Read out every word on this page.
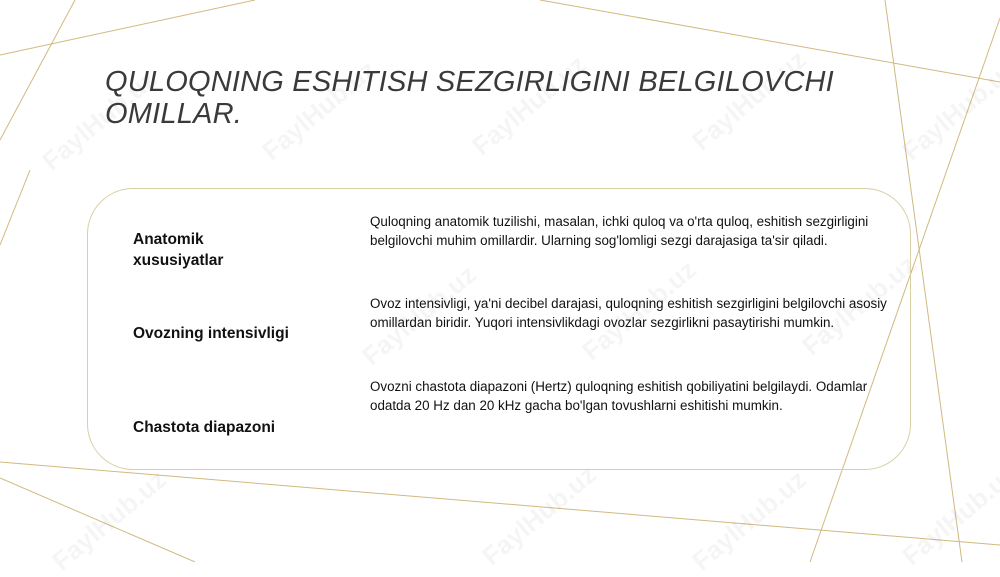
QULOQNING ESHITISH SEZGIRLIGINI BELGILOVCHI OMILLAR.
Anatomik xususiyatlar
Quloqning anatomik tuzilishi, masalan, ichki quloq va o'rta quloq, eshitish sezgirligini belgilovchi muhim omillardir. Ularning sog'lomligi sezgi darajasiga ta'sir qiladi.
Ovozning intensivligi
Ovoz intensivligi, ya'ni decibel darajasi, quloqning eshitish sezgirligini belgilovchi asosiy omillardan biridir. Yuqori intensivlikdagi ovozlar sezgirlikni pasaytirishi mumkin.
Chastota diapazoni
Ovozni chastota diapazoni (Hertz) quloqning eshitish qobiliyatini belgilaydi. Odamlar odatda 20 Hz dan 20 kHz gacha bo'lgan tovushlarni eshitishi mumkin.
